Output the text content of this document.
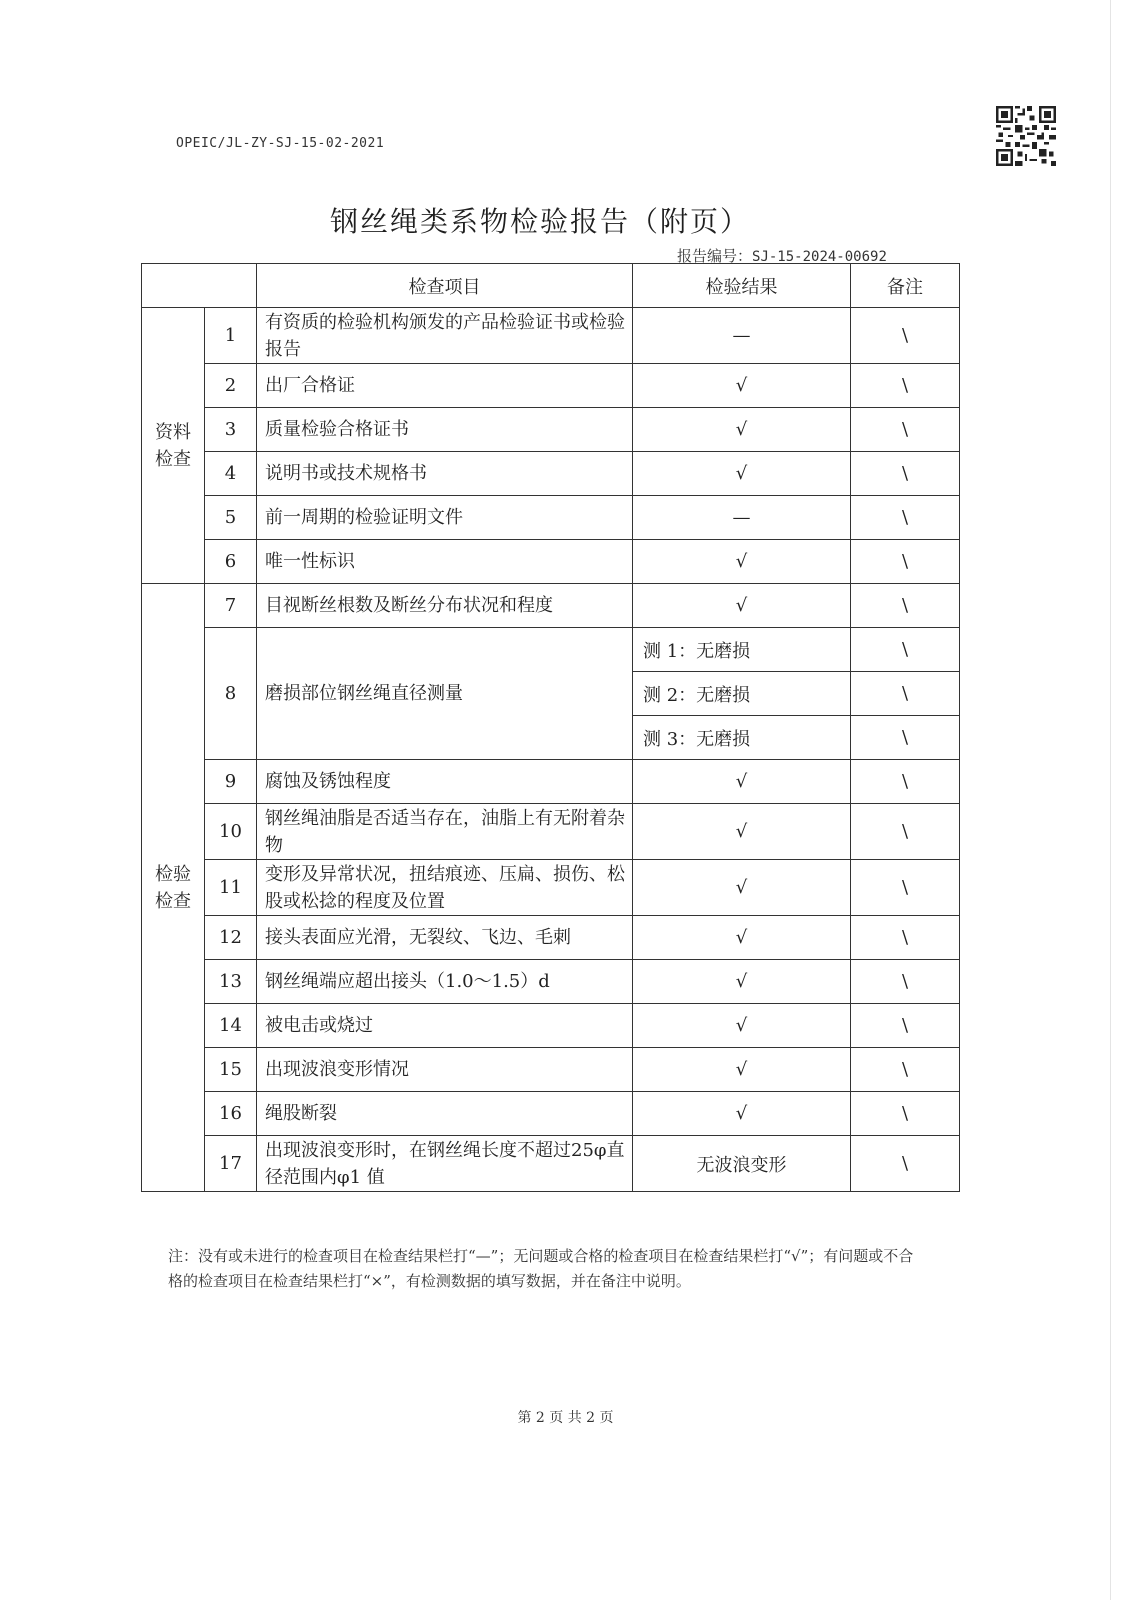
OPEIC/JL-ZY-SJ-15-02-2021
钢丝绳类系物检验报告（附页）
报告编号：SJ-15-2024-00692
		检查项目	检验结果	备注
资料
检查	1	有资质的检验机构颁发的产品检验证书或检验报告	—	\
	2	出厂合格证	√	\
	3	质量检验合格证书	√	\
	4	说明书或技术规格书	√	\
	5	前一周期的检验证明文件	—	\
	6	唯一性标识	√	\
检验
检查	7	目视断丝根数及断丝分布状况和程度	√	\
	8	磨损部位钢丝绳直径测量	测 1：无磨损	\
			测 2：无磨损	\
			测 3：无磨损	\
	9	腐蚀及锈蚀程度	√	\
	10	钢丝绳油脂是否适当存在，油脂上有无附着杂物	√	\
	11	变形及异常状况，扭结痕迹、压扁、损伤、松股或松捻的程度及位置	√	\
	12	接头表面应光滑，无裂纹、飞边、毛刺	√	\
	13	钢丝绳端应超出接头（1.0～1.5）d	√	\
	14	被电击或烧过	√	\
	15	出现波浪变形情况	√	\
	16	绳股断裂	√	\
	17	出现波浪变形时，在钢丝绳长度不超过25φ直径范围内φ1 值	无波浪变形	\
注：没有或未进行的检查项目在检查结果栏打“—”；无问题或合格的检查项目在检查结果栏打“√”；有问题或不合格的检查项目在检查结果栏打“×”，有检测数据的填写数据，并在备注中说明。
第 2 页 共 2 页
